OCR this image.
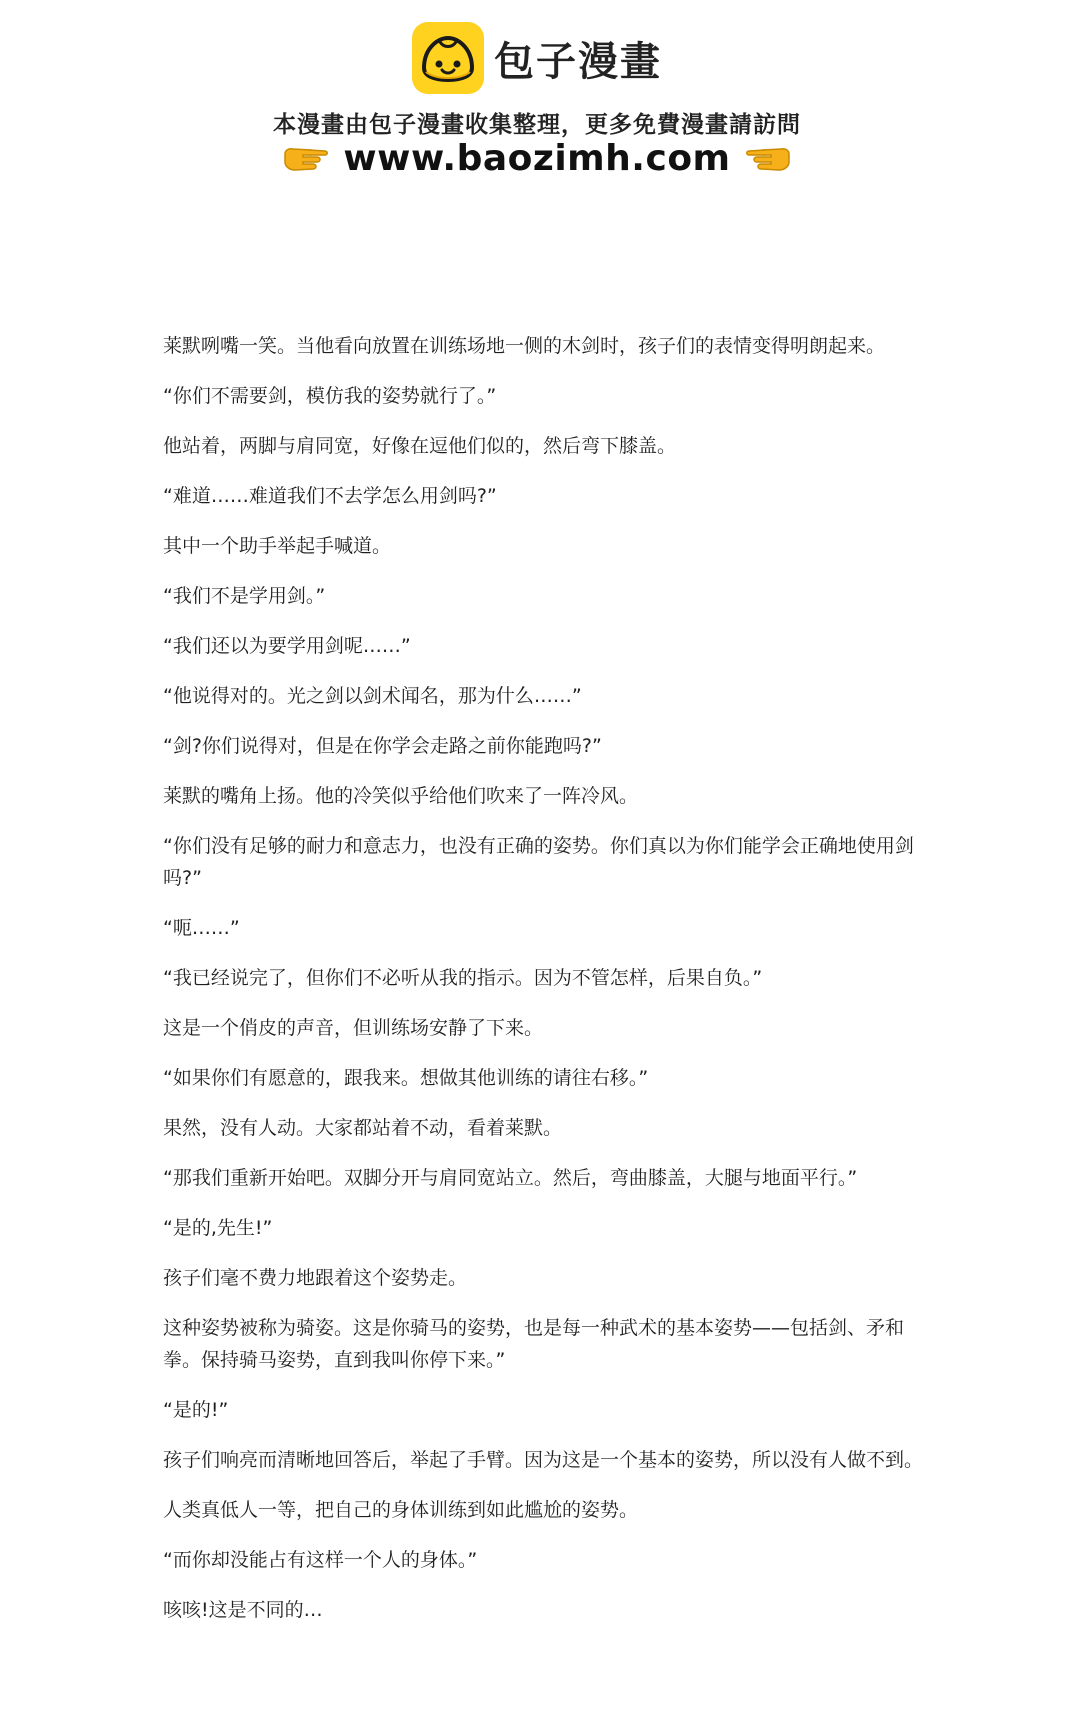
包子漫畫
本漫畫由包子漫畫收集整理，更多免費漫畫請訪問
www.baozimh.com

莱默咧嘴一笑。当他看向放置在训练场地一侧的木剑时，孩子们的表情变得明朗起来。

“你们不需要剑，模仿我的姿势就行了。”

他站着，两脚与肩同宽，好像在逗他们似的，然后弯下膝盖。

“难道……难道我们不去学怎么用剑吗?”

其中一个助手举起手喊道。

“我们不是学用剑。”

“我们还以为要学用剑呢……”

“他说得对的。光之剑以剑术闻名，那为什么……”

“剑?你们说得对，但是在你学会走路之前你能跑吗?”

莱默的嘴角上扬。他的冷笑似乎给他们吹来了一阵冷风。

“你们没有足够的耐力和意志力，也没有正确的姿势。你们真以为你们能学会正确地使用剑吗?”

“呃……”

“我已经说完了，但你们不必听从我的指示。因为不管怎样，后果自负。”

这是一个俏皮的声音，但训练场安静了下来。

“如果你们有愿意的，跟我来。想做其他训练的请往右移。”

果然，没有人动。大家都站着不动，看着莱默。

“那我们重新开始吧。双脚分开与肩同宽站立。然后，弯曲膝盖，大腿与地面平行。”

“是的,先生!”

孩子们毫不费力地跟着这个姿势走。

这种姿势被称为骑姿。这是你骑马的姿势，也是每一种武术的基本姿势——包括剑、矛和拳。保持骑马姿势，直到我叫你停下来。”

“是的!”

孩子们响亮而清晰地回答后，举起了手臂。因为这是一个基本的姿势，所以没有人做不到。

人类真低人一等，把自己的身体训练到如此尴尬的姿势。

“而你却没能占有这样一个人的身体。”

咳咳!这是不同的…
